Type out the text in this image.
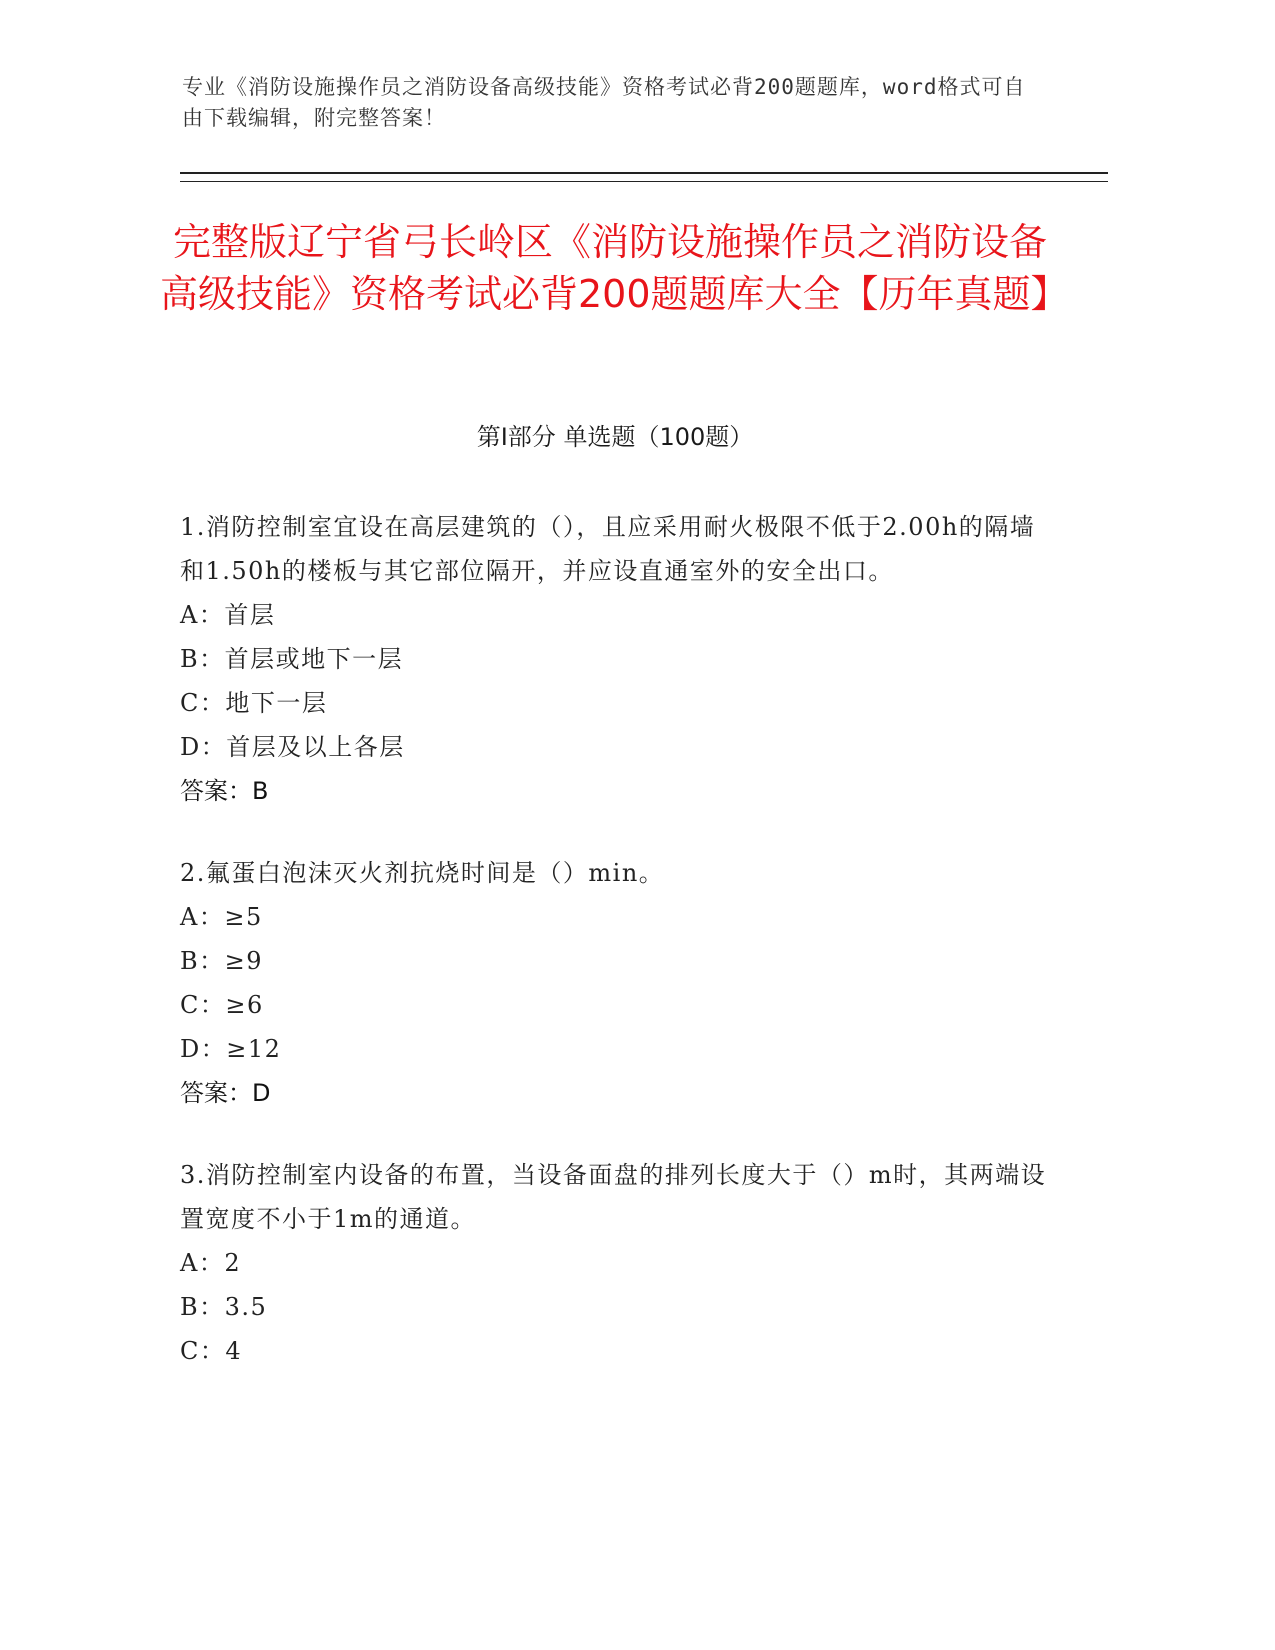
专业《消防设施操作员之消防设备高级技能》资格考试必背200题题库，word格式可自由下载编辑，附完整答案！
完整版辽宁省弓长岭区《消防设施操作员之消防设备高级技能》资格考试必背200题题库大全【历年真题】
第I部分 单选题（100题）
1.消防控制室宜设在高层建筑的（），且应采用耐火极限不低于2.00h的隔墙和1.50h的楼板与其它部位隔开，并应设直通室外的安全出口。
A：首层
B：首层或地下一层
C：地下一层
D：首层及以上各层
答案：B
2.氟蛋白泡沫灭火剂抗烧时间是（）min。
A：≥5
B：≥9
C：≥6
D：≥12
答案：D
3.消防控制室内设备的布置，当设备面盘的排列长度大于（）m时，其两端设置宽度不小于1m的通道。
A：2
B：3.5
C：4
